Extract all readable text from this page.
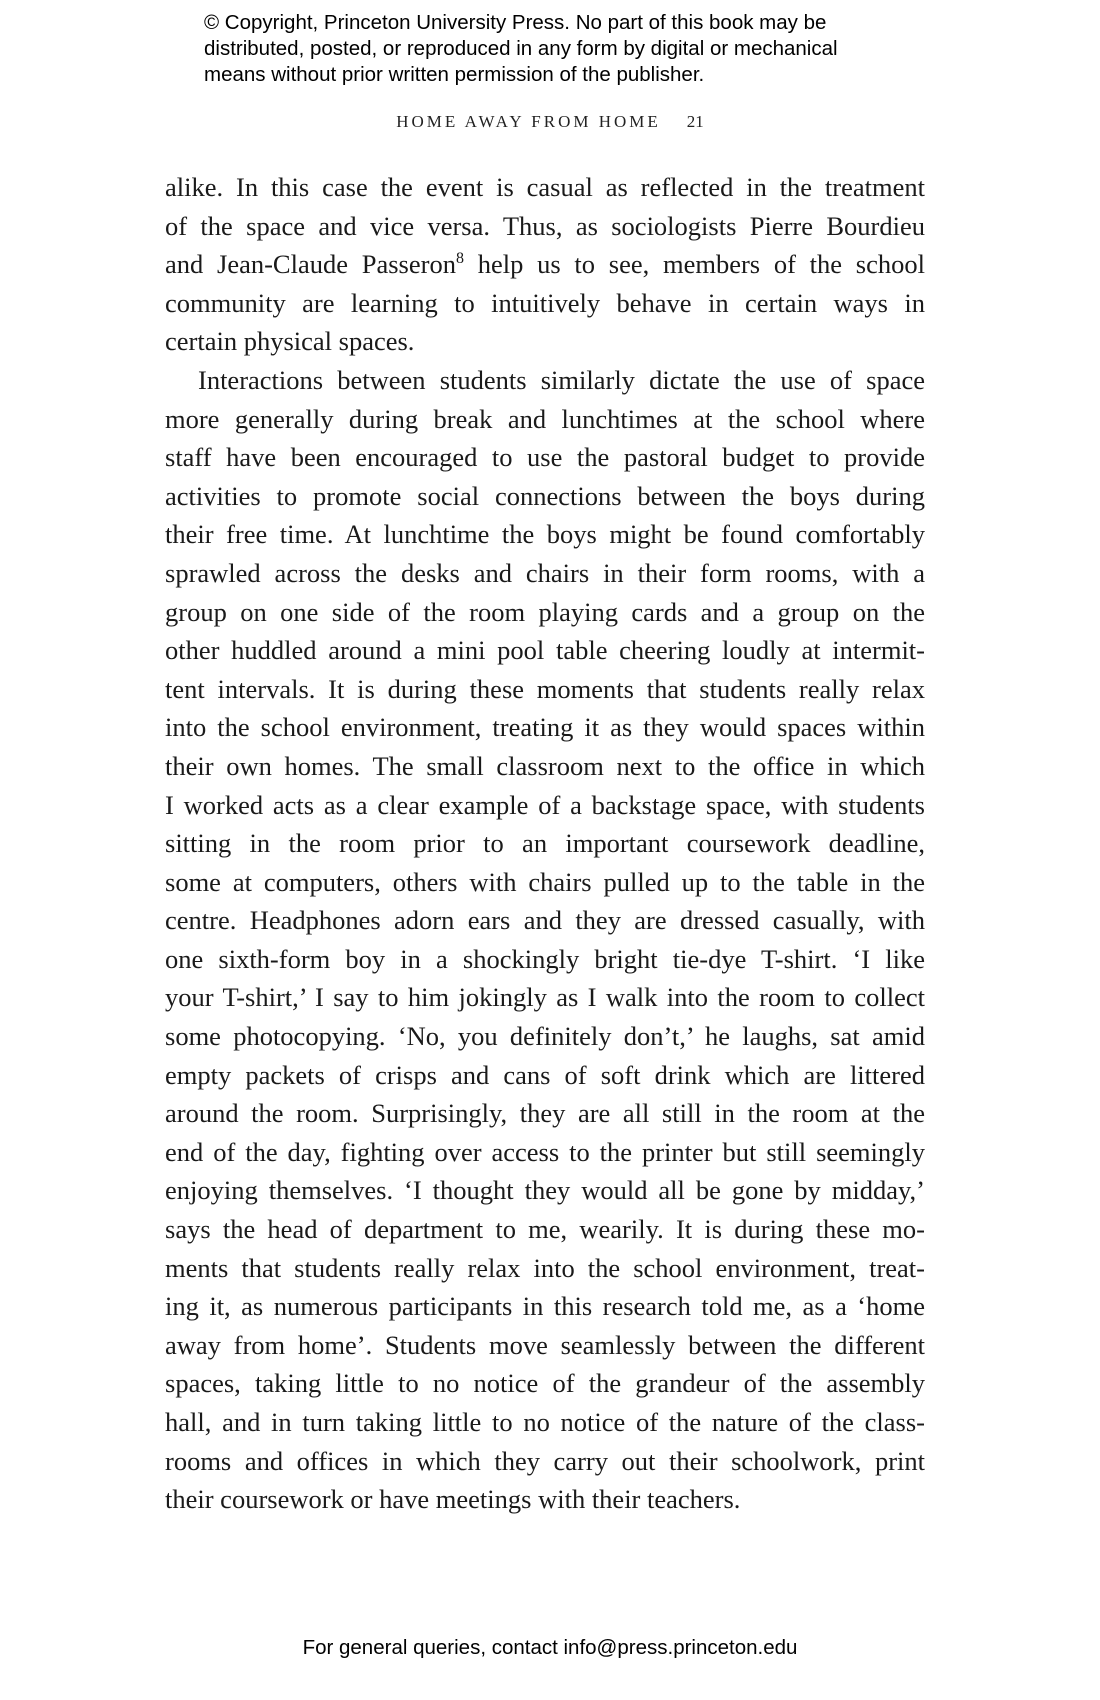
© Copyright, Princeton University Press. No part of this book may be
distributed, posted, or reproduced in any form by digital or mechanical
means without prior written permission of the publisher.
HOME AWAY FROM HOME 21
alike. In this case the event is casual as reflected in the treatment
of the space and vice versa. Thus, as sociologists Pierre Bourdieu
and Jean-Claude Passeron$^8$ help us to see, members of the school
community are learning to intuitively behave in certain ways in
certain physical spaces.
Interactions between students similarly dictate the use of space
more generally during break and lunchtimes at the school where
staff have been encouraged to use the pastoral budget to provide
activities to promote social connections between the boys during
their free time. At lunchtime the boys might be found comfortably
sprawled across the desks and chairs in their form rooms, with a
group on one side of the room playing cards and a group on the
other huddled around a mini pool table cheering loudly at intermit-
tent intervals. It is during these moments that students really relax
into the school environment, treating it as they would spaces within
their own homes. The small classroom next to the office in which
I worked acts as a clear example of a backstage space, with students
sitting in the room prior to an important coursework deadline,
some at computers, others with chairs pulled up to the table in the
centre. Headphones adorn ears and they are dressed casually, with
one sixth-form boy in a shockingly bright tie-dye T-shirt. ‘I like
your T-shirt,’ I say to him jokingly as I walk into the room to collect
some photocopying. ‘No, you definitely don’t,’ he laughs, sat amid
empty packets of crisps and cans of soft drink which are littered
around the room. Surprisingly, they are all still in the room at the
end of the day, fighting over access to the printer but still seemingly
enjoying themselves. ‘I thought they would all be gone by midday,’
says the head of department to me, wearily. It is during these mo-
ments that students really relax into the school environment, treat-
ing it, as numerous participants in this research told me, as a ‘home
away from home’. Students move seamlessly between the different
spaces, taking little to no notice of the grandeur of the assembly
hall, and in turn taking little to no notice of the nature of the class-
rooms and offices in which they carry out their schoolwork, print
their coursework or have meetings with their teachers.
For general queries, contact info@press.princeton.edu
